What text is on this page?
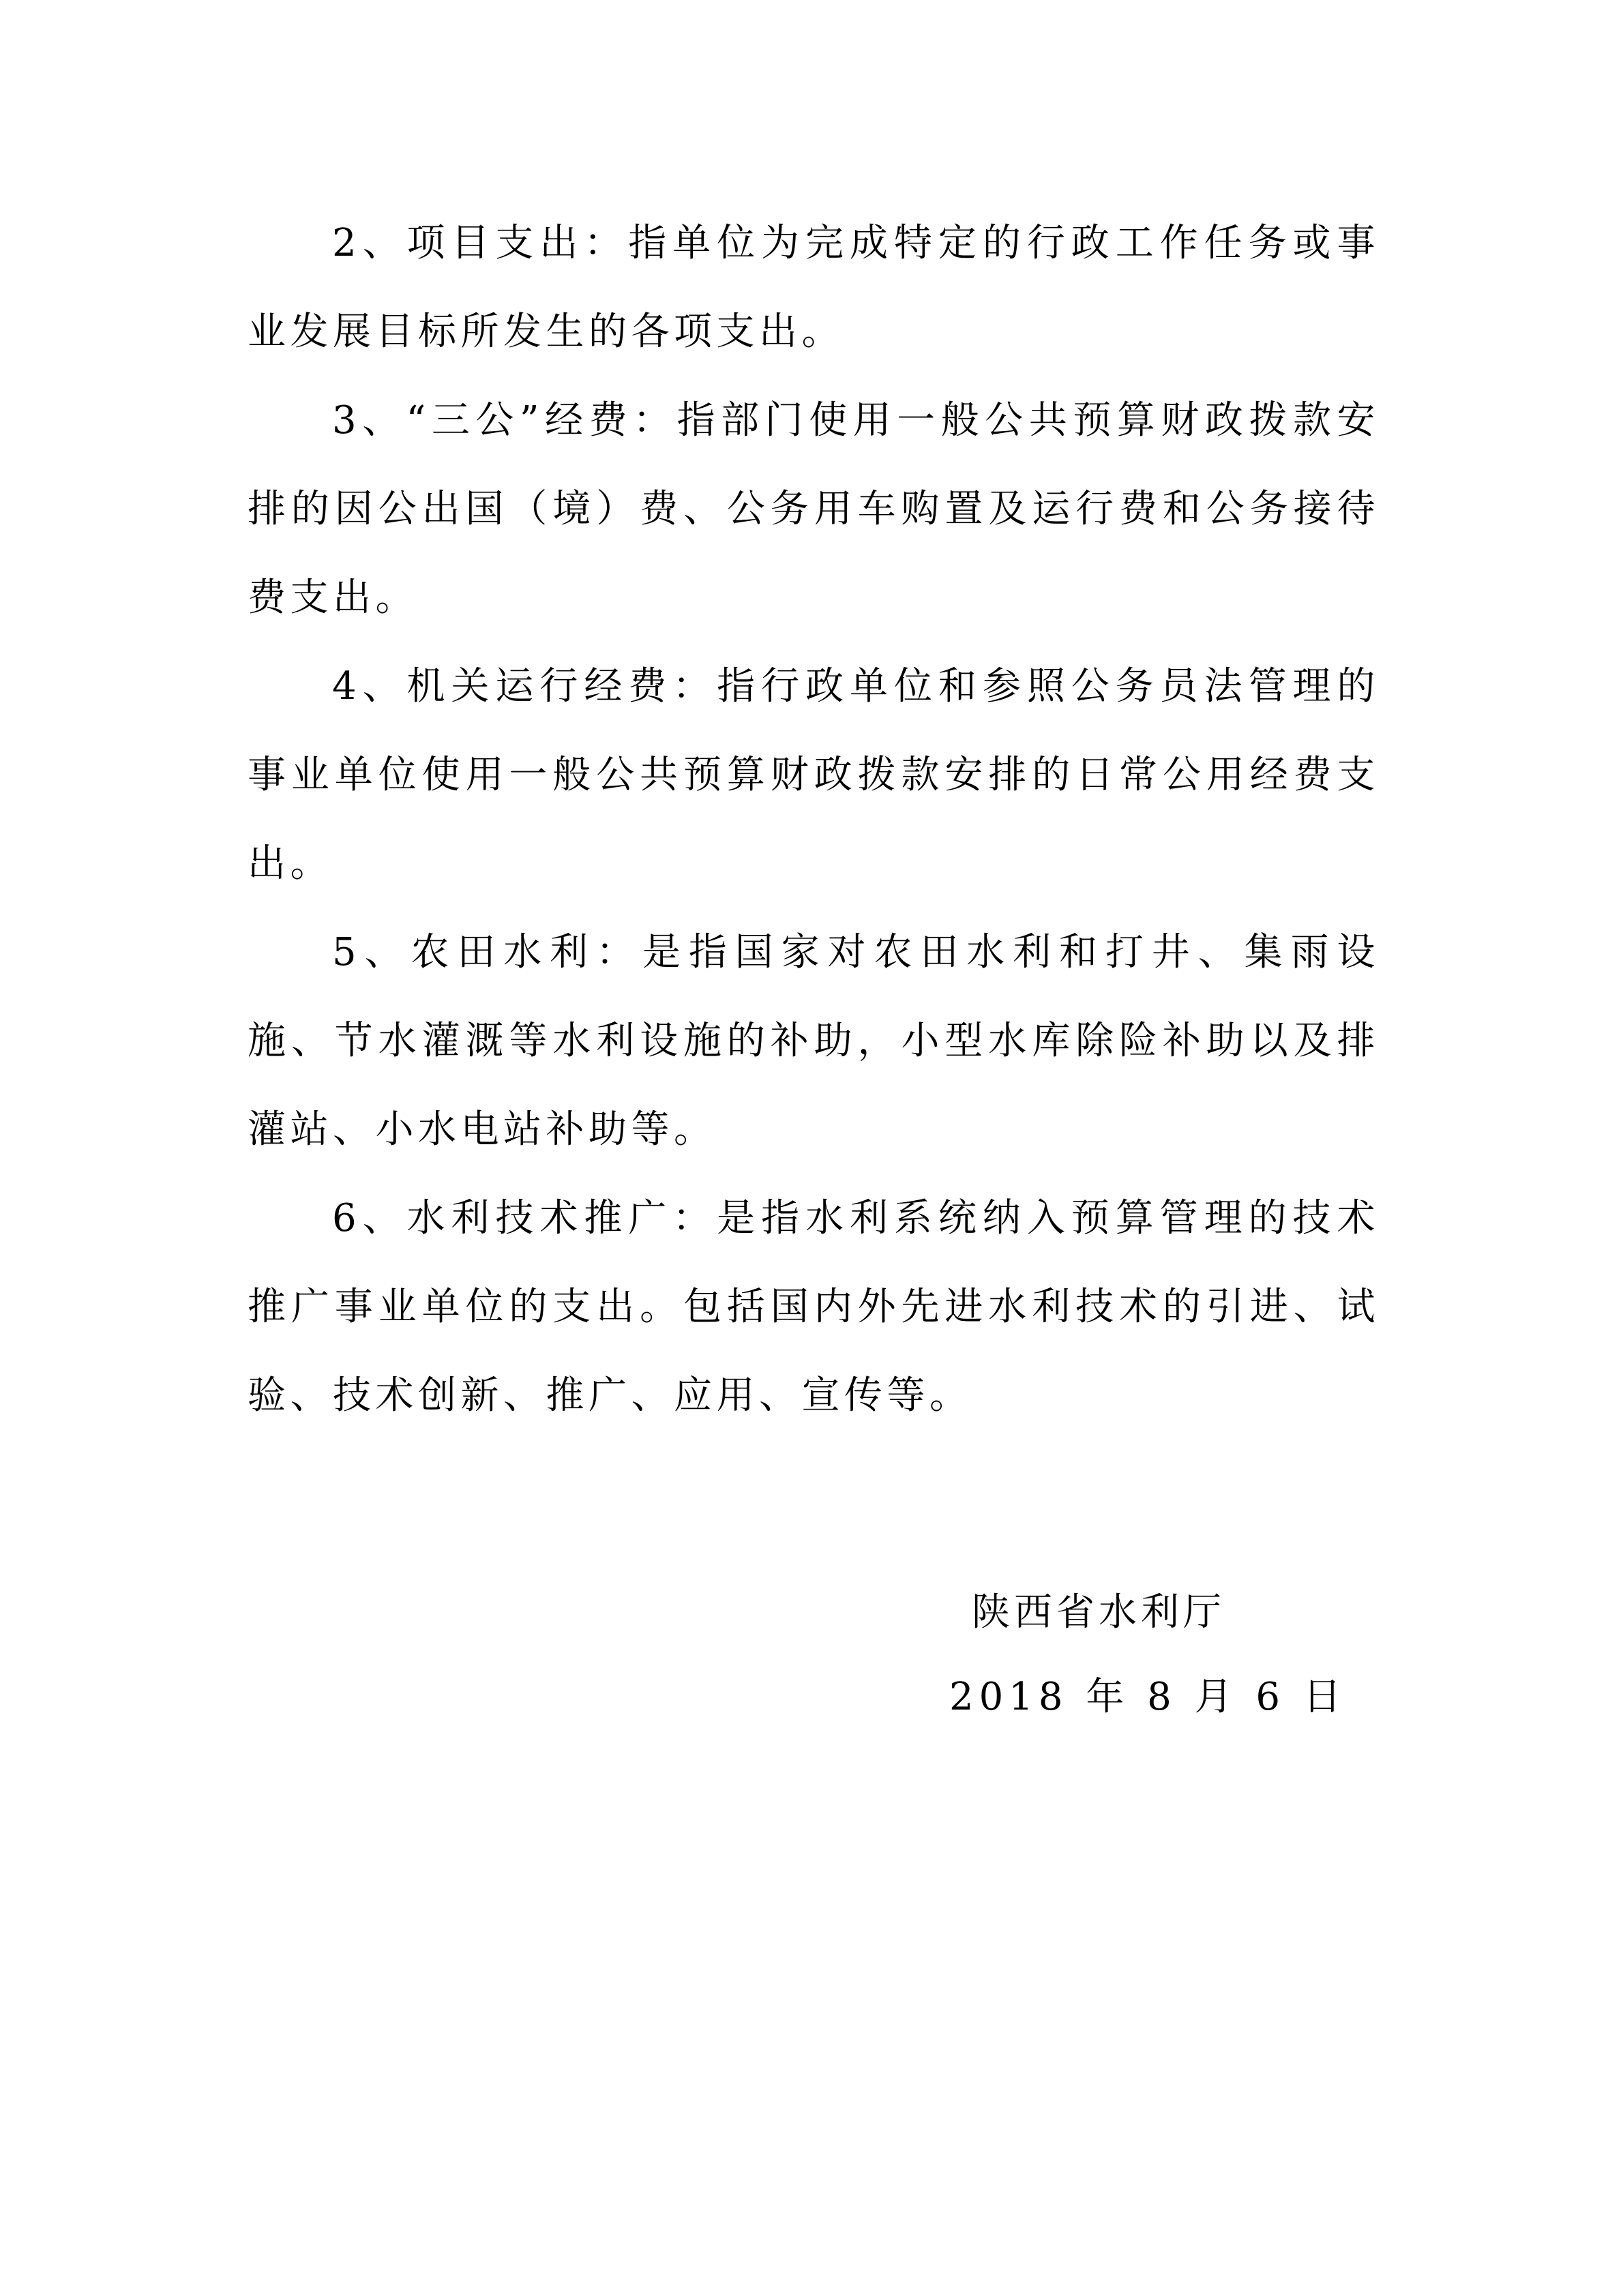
2、项目支出：指单位为完成特定的行政工作任务或事业发展目标所发生的各项支出。

3、“三公”经费：指部门使用一般公共预算财政拨款安排的因公出国（境）费、公务用车购置及运行费和公务接待费支出。

4、机关运行经费：指行政单位和参照公务员法管理的事业单位使用一般公共预算财政拨款安排的日常公用经费支出。

5、农田水利：是指国家对农田水利和打井、集雨设施、节水灌溉等水利设施的补助，小型水库除险补助以及排灌站、小水电站补助等。

6、水利技术推广：是指水利系统纳入预算管理的技术推广事业单位的支出。包括国内外先进水利技术的引进、试验、技术创新、推广、应用、宣传等。

陕西省水利厅

2018 年 8 月 6 日
